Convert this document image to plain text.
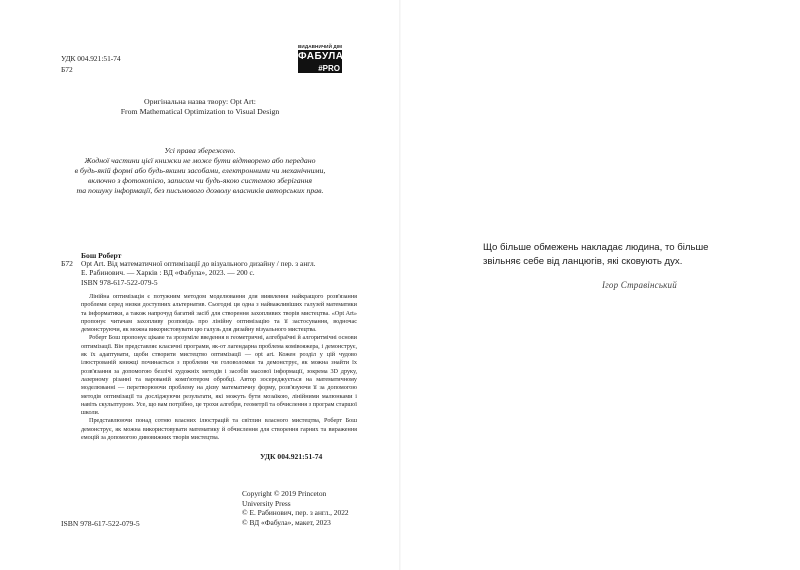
УДК 004.921:51-74
Б72
ВИДАВНИЧИЙ ДІМ
ФАБУЛА
#PRO
Оригінальна назва твору: Opt Art:
From Mathematical Optimization to Visual Design
Усі права збережено.
Жодної частини цієї книжки не може бути відтворено або передано
в будь-якій формі або будь-якими засобами, електронними чи механічними,
включно з фотокопією, записом чи будь-якою системою зберігання
та пошуку інформації, без письмового дозволу власників авторських прав.
Бош Роберт
Б72 Opt Art. Від математичної оптимізації до візуального дизайну / пер. з англ.
Е. Рабинович. — Харків : ВД «Фабула», 2023. — 200 с.
ISBN 978-617-522-079-5

Лінійна оптимізація є потужним методом моделювання для виявлення найкращого розв'язання проблеми серед низки доступних альтернатив. Сьогодні ця одна з найважливіших галузей математики та інформатики, а також напрочуд багатий засіб для створення захопливих творів мистецтва. «Opt Art» пропонує читачам захопливу розповідь про лінійну оптимізацію та її застосування, водночас демонструючи, як можна використовувати цю галузь для дизайну візуального мистецтва.

Роберт Бош пропонує цікаве та зрозуміле введення в геометричні, алгебраїчні й алгоритмічні основи оптимізації. Він представляє класичні програми, як-от лагендарна проблема комівояжера, і демонструє, як їх адаптувати, щоби створити мистецтво оптимізації — opt art. Кожен розділ у цій чудово ілюстрованій книжці починається з проблеми чи головоломки та демонструє, як можна знайти їх розв'язання за допомогою безлічі художніх методів і засобів масової інформації, зокрема 3D друку, лазерному різанні та варованій комп'ютером обробці. Автор зосереджується на математичному моделюванні — перетворюючи проблему на дієву математичну форму, розв'язуючи її за допомогою методів оптимізації та досліджуючи результати, які можуть бути мозаїкою, лінійними малюнками і навіть скульптурою. Усе, що вам потрібно, це трохи алгебри, геометрії та обчислення з програм старшої школи.

Представлюючи понад сотню власних ілюстрацій та світлин власного мистецтва, Роберт Бош демонструє, як можна використовувати математику й обчислення для створення гарних та вираження емоцій за допомогою дивовижних творів мистецтва.

УДК 004.921:51-74
Copyright © 2019 Princeton
University Press
© Е. Рабинович, пер. з англ., 2022
© ВД «Фабула», макет, 2023
ISBN 978-617-522-079-5
Що більше обмежень накладає людина, то більше
звільняє себе від ланцюгів, які сковують дух.
Ігор Стравінський
